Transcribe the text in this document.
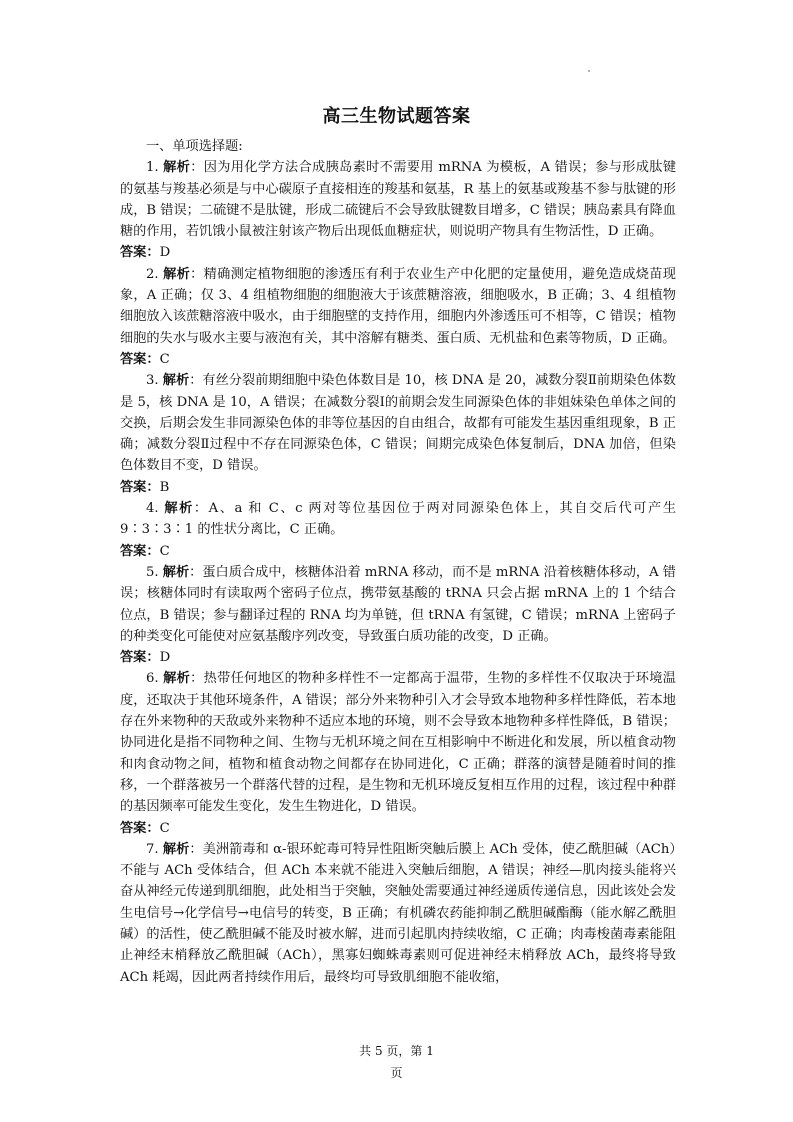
高三生物试题答案

一、单项选择题:

1. 解析：因为用化学方法合成胰岛素时不需要用 mRNA 为模板，A 错误；参与形成肽键的氨基与羧基必须是与中心碳原子直接相连的羧基和氨基，R 基上的氨基或羧基不参与肽键的形成，B 错误；二硫键不是肽键，形成二硫键后不会导致肽键数目增多，C 错误；胰岛素具有降血糖的作用，若饥饿小鼠被注射该产物后出现低血糖症状，则说明产物具有生物活性，D 正确。

答案：D

2. 解析：精确测定植物细胞的渗透压有利于农业生产中化肥的定量使用，避免造成烧苗现象，A 正确；仅 3、4 组植物细胞的细胞液大于该蔗糖溶液，细胞吸水，B 正确；3、4 组植物细胞放入该蔗糖溶液中吸水，由于细胞壁的支持作用，细胞内外渗透压可不相等，C 错误；植物细胞的失水与吸水主要与液泡有关，其中溶解有糖类、蛋白质、无机盐和色素等物质，D 正确。

答案：C

3. 解析：有丝分裂前期细胞中染色体数目是 10，核 DNA 是 20，减数分裂Ⅱ前期染色体数是 5，核 DNA 是 10，A 错误；在减数分裂Ⅰ的前期会发生同源染色体的非姐妹染色单体之间的交换，后期会发生非同源染色体的非等位基因的自由组合，故都有可能发生基因重组现象，B 正确；减数分裂Ⅱ过程中不存在同源染色体，C 错误；间期完成染色体复制后，DNA 加倍，但染色体数目不变，D 错误。

答案：B

4. 解析：A、a 和 C、c 两对等位基因位于两对同源染色体上，其自交后代可产生 9∶3∶3∶1 的性状分离比，C 正确。

答案：C

5. 解析：蛋白质合成中，核糖体沿着 mRNA 移动，而不是 mRNA 沿着核糖体移动，A 错误；核糖体同时有读取两个密码子位点，携带氨基酸的 tRNA 只会占据 mRNA 上的 1 个结合位点，B 错误；参与翻译过程的 RNA 均为单链，但 tRNA 有氢键，C 错误；mRNA 上密码子的种类变化可能使对应氨基酸序列改变，导致蛋白质功能的改变，D 正确。

答案：D

6. 解析：热带任何地区的物种多样性不一定都高于温带，生物的多样性不仅取决于环境温度，还取决于其他环境条件，A 错误；部分外来物种引入才会导致本地物种多样性降低，若本地存在外来物种的天敌或外来物种不适应本地的环境，则不会导致本地物种多样性降低，B 错误；协同进化是指不同物种之间、生物与无机环境之间在互相影响中不断进化和发展，所以植食动物和肉食动物之间，植物和植食动物之间都存在协同进化，C 正确；群落的演替是随着时间的推移，一个群落被另一个群落代替的过程，是生物和无机环境反复相互作用的过程，该过程中种群的基因频率可能发生变化，发生生物进化，D 错误。

答案：C

7. 解析：美洲箭毒和 α-银环蛇毒可特异性阻断突触后膜上 ACh 受体，使乙酰胆碱（ACh）不能与 ACh 受体结合，但 ACh 本来就不能进入突触后细胞，A 错误；神经—肌肉接头能将兴奋从神经元传递到肌细胞，此处相当于突触，突触处需要通过神经递质传递信息，因此该处会发生电信号→化学信号→电信号的转变，B 正确；有机磷农药能抑制乙酰胆碱酯酶（能水解乙酰胆碱）的活性，使乙酰胆碱不能及时被水解，进而引起肌肉持续收缩，C 正确；肉毒梭菌毒素能阻止神经末梢释放乙酰胆碱（ACh），黑寡妇蜘蛛毒素则可促进神经末梢释放 ACh，最终将导致 ACh 耗竭，因此两者持续作用后，最终均可导致肌细胞不能收缩，

共 5 页，第 1
页
